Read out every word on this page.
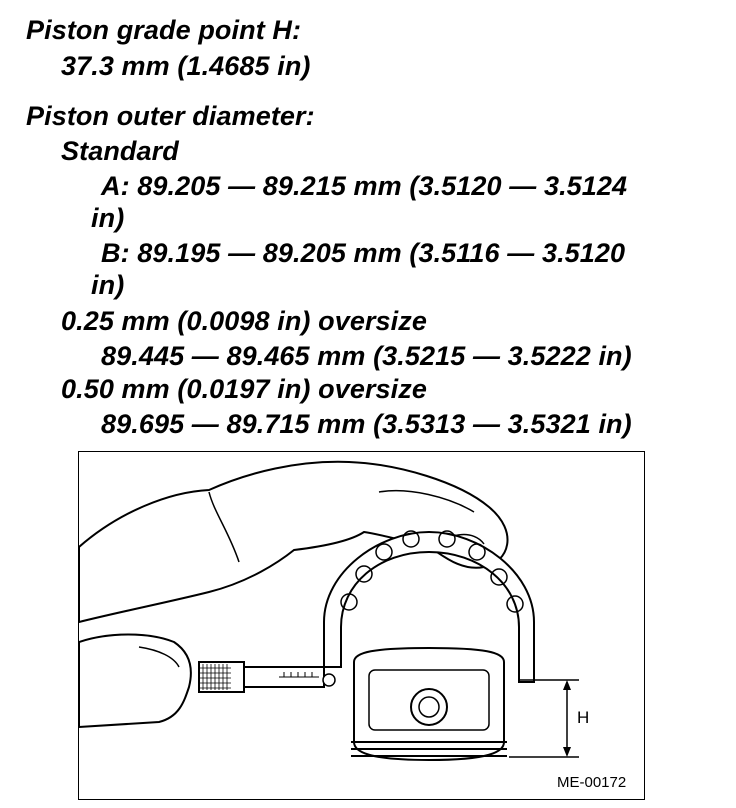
Piston grade point H:
37.3 mm (1.4685 in)
Piston outer diameter:
Standard
A: 89.205 — 89.215 mm (3.5120 — 3.5124
in)
B: 89.195 — 89.205 mm (3.5116 — 3.5120
in)
0.25 mm (0.0098 in) oversize
89.445 — 89.465 mm (3.5215 — 3.5222 in)
0.50 mm (0.0197 in) oversize
89.695 — 89.715 mm (3.5313 — 3.5321 in)
H
ME-00172
